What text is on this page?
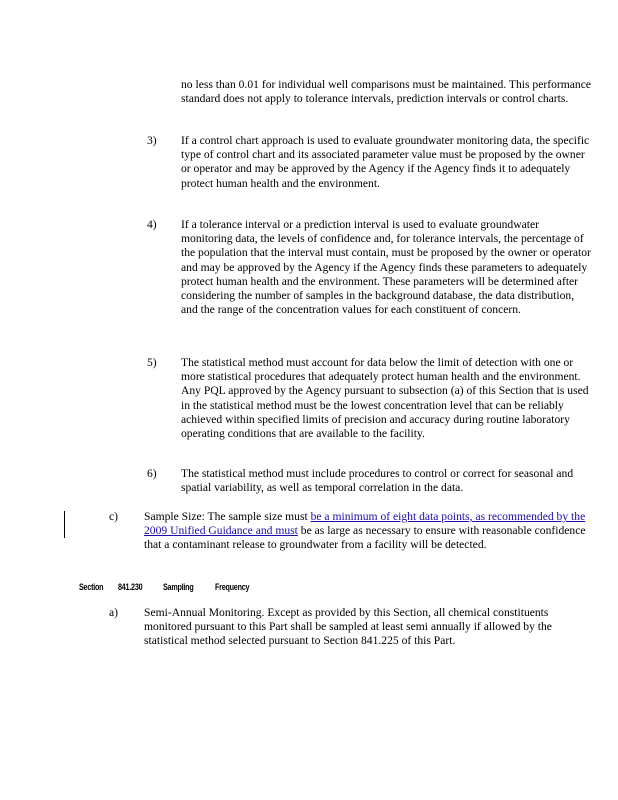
no less than 0.01 for individual well comparisons must be maintained. This performance standard does not apply to tolerance intervals, prediction intervals or control charts.

3) If a control chart approach is used to evaluate groundwater monitoring data, the specific type of control chart and its associated parameter value must be proposed by the owner or operator and may be approved by the Agency if the Agency finds it to adequately protect human health and the environment.

4) If a tolerance interval or a prediction interval is used to evaluate groundwater monitoring data, the levels of confidence and, for tolerance intervals, the percentage of the population that the interval must contain, must be proposed by the owner or operator and may be approved by the Agency if the Agency finds these parameters to adequately protect human health and the environment. These parameters will be determined after considering the number of samples in the background database, the data distribution, and the range of the concentration values for each constituent of concern.

5) The statistical method must account for data below the limit of detection with one or more statistical procedures that adequately protect human health and the environment. Any PQL approved by the Agency pursuant to subsection (a) of this Section that is used in the statistical method must be the lowest concentration level that can be reliably achieved within specified limits of precision and accuracy during routine laboratory operating conditions that are available to the facility.

6) The statistical method must include procedures to control or correct for seasonal and spatial variability, as well as temporal correlation in the data.

c) Sample Size: The sample size must be a minimum of eight data points, as recommended by the 2009 Unified Guidance and must be as large as necessary to ensure with reasonable confidence that a contaminant release to groundwater from a facility will be detected.

Section 841.230 Sampling Frequency
a) Semi-Annual Monitoring. Except as provided by this Section, all chemical constituents monitored pursuant to this Part shall be sampled at least semi annually if allowed by the statistical method selected pursuant to Section 841.225 of this Part.
